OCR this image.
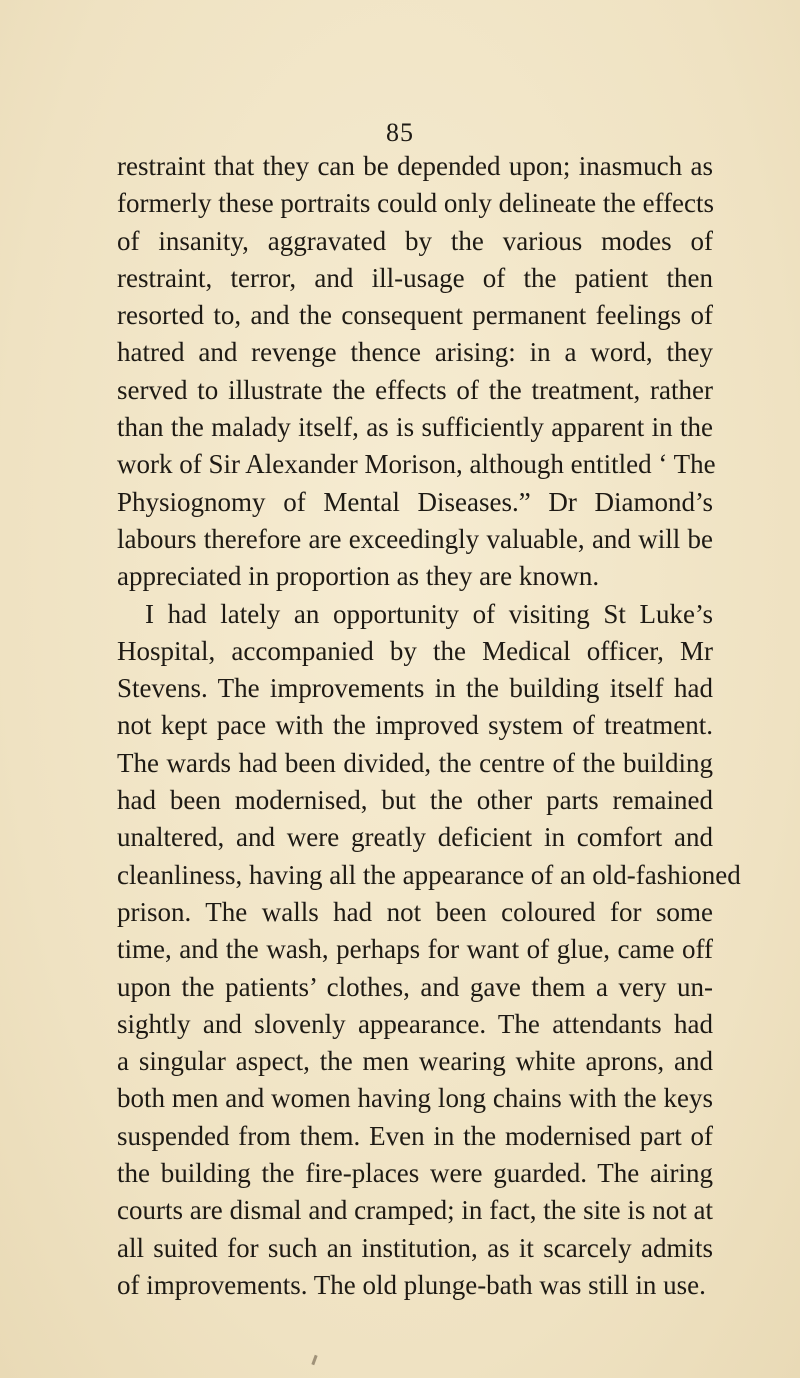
85
restraint that they can be depended upon; inasmuch as
formerly these portraits could only delineate the effects
of insanity, aggravated by the various modes of
restraint, terror, and ill-usage of the patient then
resorted to, and the consequent permanent feelings of
hatred and revenge thence arising: in a word, they
served to illustrate the effects of the treatment, rather
than the malady itself, as is sufficiently apparent in the
work of Sir Alexander Morison, although entitled ‘ The
Physiognomy of Mental Diseases.” Dr Diamond’s
labours therefore are exceedingly valuable, and will be
appreciated in proportion as they are known.
I had lately an opportunity of visiting St Luke’s
Hospital, accompanied by the Medical officer, Mr
Stevens. The improvements in the building itself had
not kept pace with the improved system of treatment.
The wards had been divided, the centre of the building
had been modernised, but the other parts remained
unaltered, and were greatly deficient in comfort and
cleanliness, having all the appearance of an old-fashioned
prison. The walls had not been coloured for some
time, and the wash, perhaps for want of glue, came off
upon the patients’ clothes, and gave them a very un-
sightly and slovenly appearance. The attendants had
a singular aspect, the men wearing white aprons, and
both men and women having long chains with the keys
suspended from them. Even in the modernised part of
the building the fire-places were guarded. The airing
courts are dismal and cramped; in fact, the site is not at
all suited for such an institution, as it scarcely admits
of improvements. The old plunge-bath was still in use.
